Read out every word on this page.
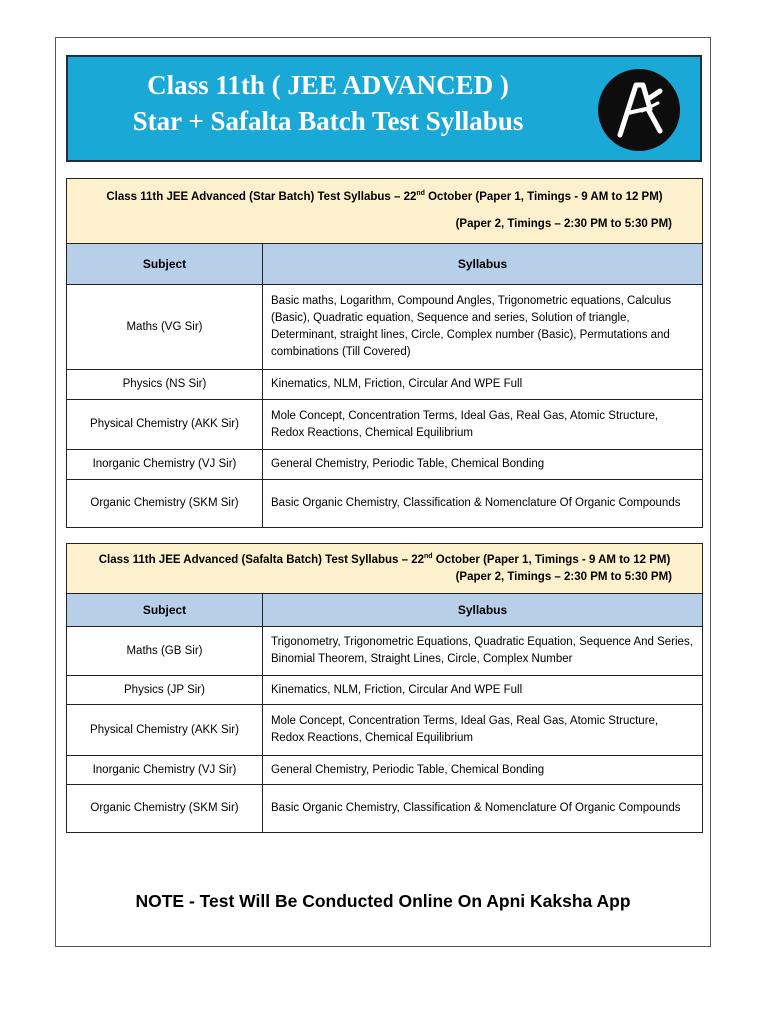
Class 11th ( JEE ADVANCED )
Star + Safalta Batch Test Syllabus
Class 11th JEE Advanced (Star Batch) Test Syllabus – 22nd October (Paper 1, Timings - 9 AM to 12 PM)
(Paper 2, Timings – 2:30 PM to 5:30 PM)	

Subject	Syllabus
Maths (VG Sir)	Basic maths, Logarithm, Compound Angles, Trigonometric equations, Calculus (Basic), Quadratic equation, Sequence and series, Solution of triangle, Determinant, straight lines, Circle, Complex number (Basic), Permutations and combinations (Till Covered)
Physics (NS Sir)	Kinematics, NLM, Friction, Circular And WPE Full
Physical Chemistry (AKK Sir)	Mole Concept, Concentration Terms, Ideal Gas, Real Gas, Atomic Structure, Redox Reactions, Chemical Equilibrium
Inorganic Chemistry (VJ Sir)	General Chemistry, Periodic Table, Chemical Bonding
Organic Chemistry (SKM Sir)	Basic Organic Chemistry, Classification & Nomenclature Of Organic Compounds
Class 11th JEE Advanced (Safalta Batch) Test Syllabus – 22nd October (Paper 1, Timings - 9 AM to 12 PM)
(Paper 2, Timings – 2:30 PM to 5:30 PM)	

Subject	Syllabus
Maths (GB Sir)	Trigonometry, Trigonometric Equations, Quadratic Equation, Sequence And Series, Binomial Theorem, Straight Lines, Circle, Complex Number
Physics (JP Sir)	Kinematics, NLM, Friction, Circular And WPE Full
Physical Chemistry (AKK Sir)	Mole Concept, Concentration Terms, Ideal Gas, Real Gas, Atomic Structure, Redox Reactions, Chemical Equilibrium
Inorganic Chemistry (VJ Sir)	General Chemistry, Periodic Table, Chemical Bonding
Organic Chemistry (SKM Sir)	Basic Organic Chemistry, Classification & Nomenclature Of Organic Compounds
NOTE - Test Will Be Conducted Online On Apni Kaksha App
